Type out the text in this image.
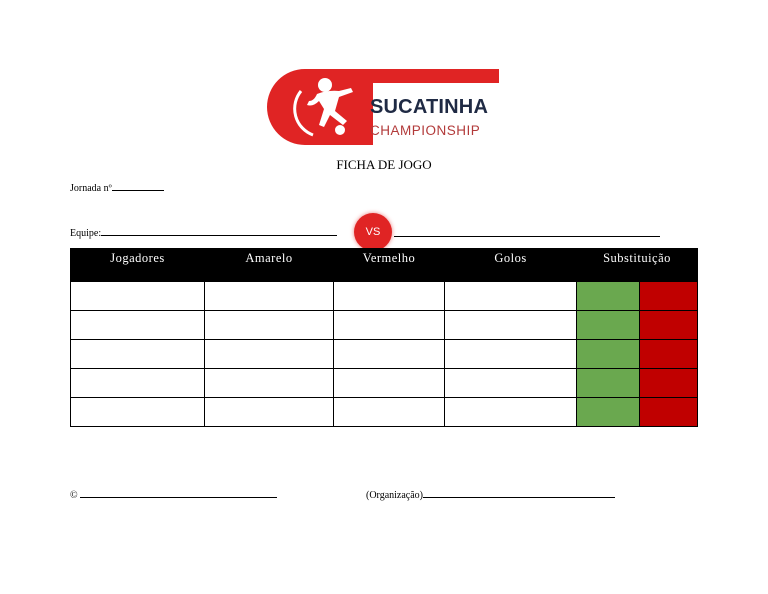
SUCATINHA
CHAMPIONSHIP
FICHA DE JOGO
Jornada nº
Equipe:	VS
Jogadores	Amarelo	Vermelho	Golos	Substituição	

©	(Organização)
